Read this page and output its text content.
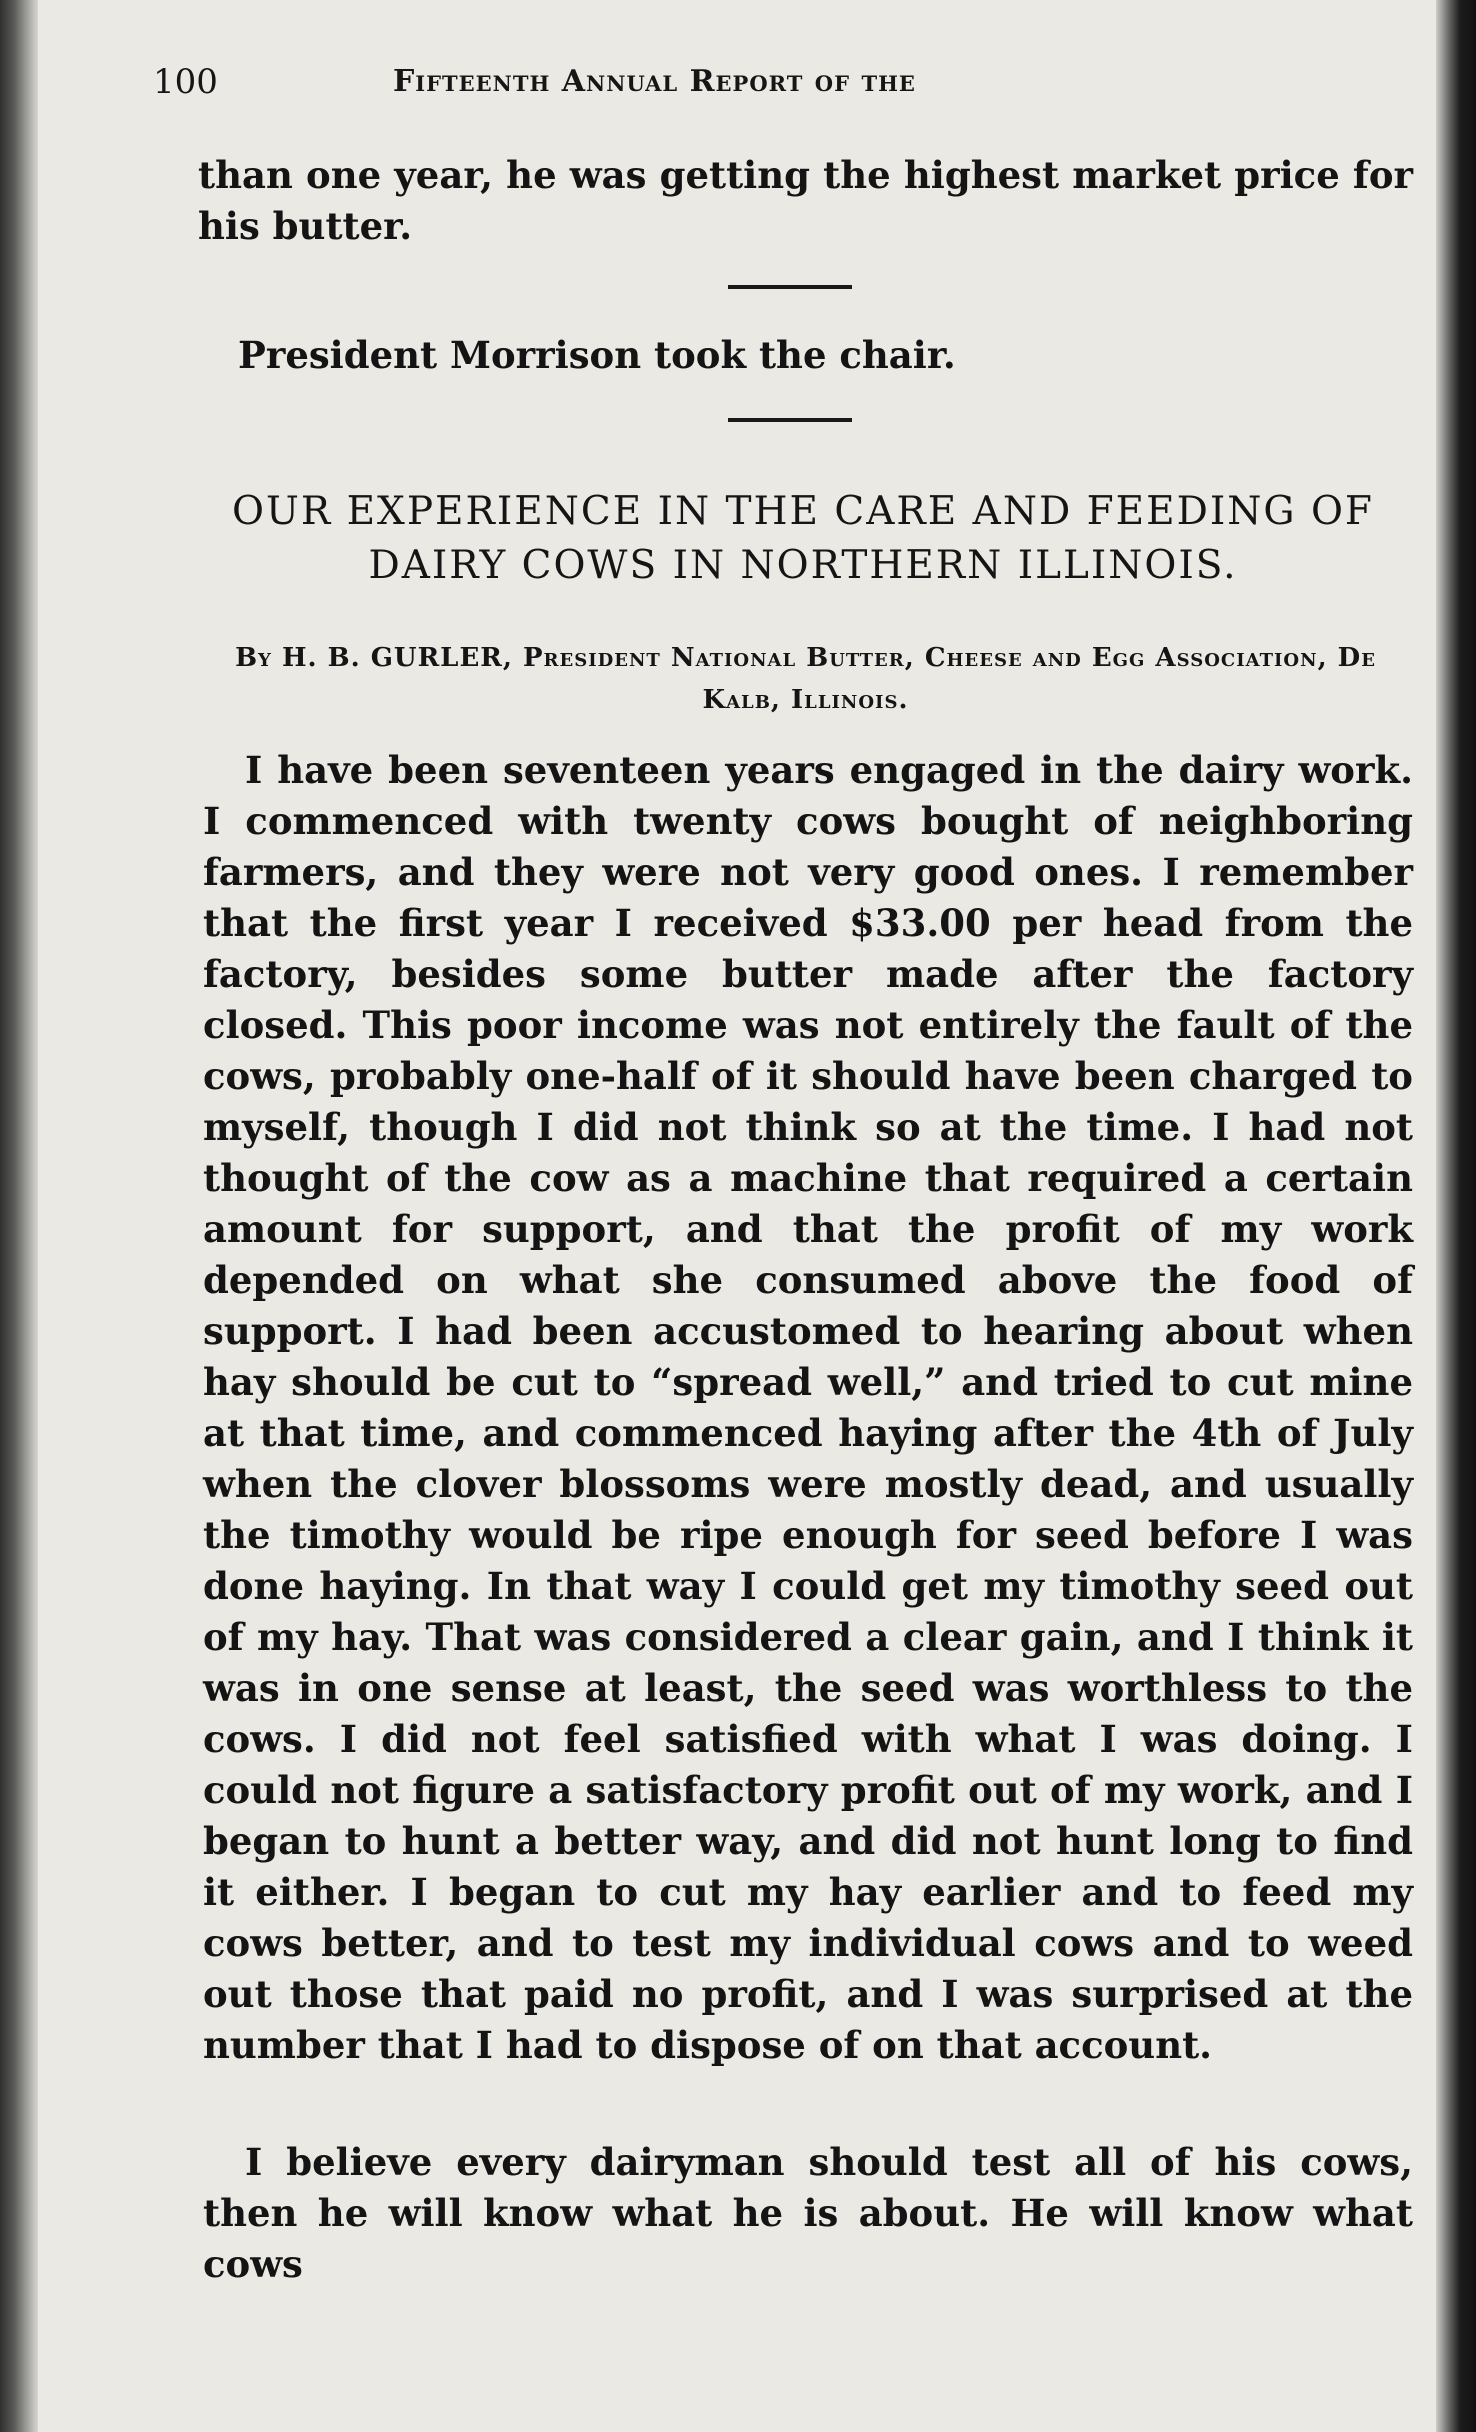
100	Fifteenth Annual Report of the
than one year, he was getting the highest market price for his butter.
President Morrison took the chair.
OUR EXPERIENCE IN THE CARE AND FEEDING OF DAIRY COWS IN NORTHERN ILLINOIS.
By H. B. GURLER, President National Butter, Cheese and Egg Association, De Kalb, Illinois.
I have been seventeen years engaged in the dairy work. I commenced with twenty cows bought of neighboring farmers, and they were not very good ones. I remember that the first year I received $33.00 per head from the factory, besides some butter made after the factory closed. This poor income was not entirely the fault of the cows, probably one-half of it should have been charged to myself, though I did not think so at the time. I had not thought of the cow as a machine that required a certain amount for support, and that the profit of my work depended on what she consumed above the food of support. I had been accustomed to hearing about when hay should be cut to “spread well,” and tried to cut mine at that time, and commenced haying after the 4th of July when the clover blossoms were mostly dead, and usually the timothy would be ripe enough for seed before I was done haying. In that way I could get my timothy seed out of my hay. That was considered a clear gain, and I think it was in one sense at least, the seed was worthless to the cows. I did not feel satisfied with what I was doing. I could not figure a satisfactory profit out of my work, and I began to hunt a better way, and did not hunt long to find it either. I began to cut my hay earlier and to feed my cows better, and to test my individual cows and to weed out those that paid no profit, and I was surprised at the number that I had to dispose of on that account.
I believe every dairyman should test all of his cows, then he will know what he is about. He will know what cows
